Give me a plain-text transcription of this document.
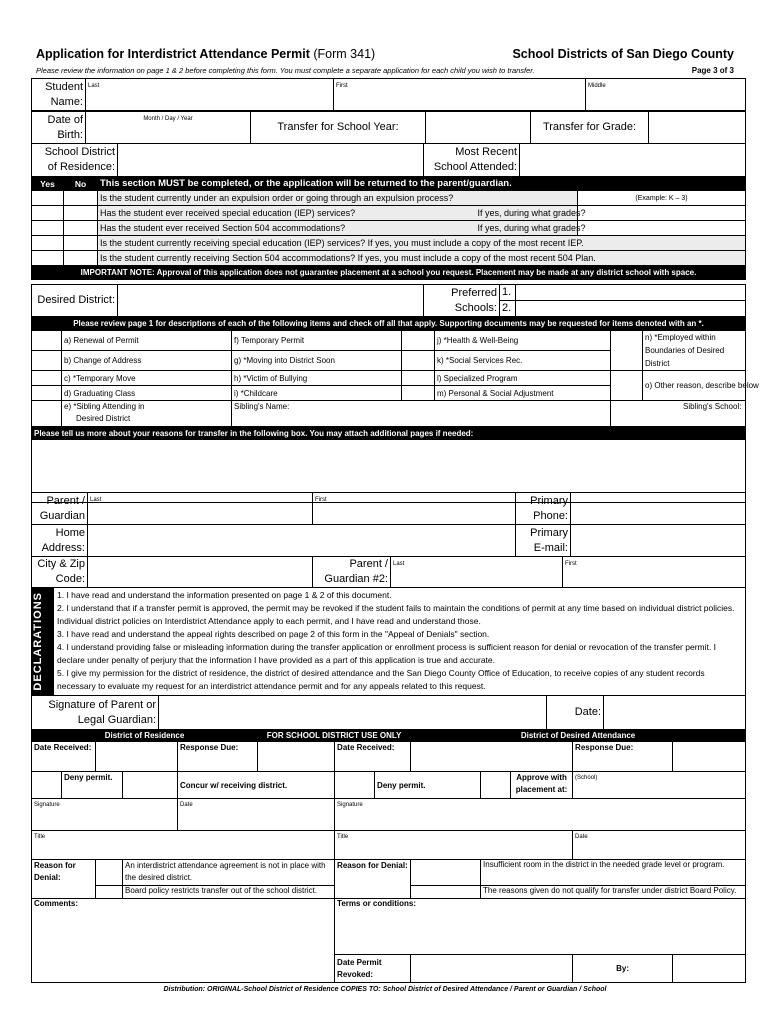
Application for Interdistrict Attendance Permit (Form 341)	School Districts of San Diego County
Please review the information on page 1 & 2 before completing this form. You must complete a separate application for each child you wish to transfer.	Page 3 of 3
Student Name:	Last	First	Middle
Date of Birth:	Month / Day / Year	Transfer for School Year:		Transfer for Grade:	
School District of Residence:		Most Recent School Attended:	
Yes	No	This section MUST be completed, or the application will be returned to the parent/guardian.	
		Is the student currently under an expulsion order or going through an expulsion process?	(Example: K – 3)
		Has the student ever received special education (IEP) services? If yes, during what grades?	

		Has the student ever received Section 504 accommodations? If yes, during what grades?	

		Is the student currently receiving special education (IEP) services? If yes, you must include a copy of the most recent IEP.	
		Is the student currently receiving Section 504 accommodations? If yes, you must include a copy of the most recent 504 Plan.	
IMPORTANT NOTE: Approval of this application does not guarantee placement at a school you request. Placement may be made at any district school with space.			
Desired District:		Preferred Schools:	1.	
			2.	
Please review page 1 for descriptions of each of the following items and check off all that apply. Supporting documents may be requested for items denoted with an *.						
	a) Renewal of Permit	f) Temporary Permit		j) *Health & Well-Being		n) *Employed within Boundaries of Desired District
	b) Change of Address	g) *Moving into District Soon		k) *Social Services Rec.		
	c) *Temporary Move	h) *Victim of Bullying		l) Specialized Program		o) Other reason, describe below
	d) Graduating Class	i) *Childcare		m) Personal & Social Adjustment		

	e) *Sibling Attending in
Desired District	Sibling's Name:			Sibling's School:	

Please tell us more about your reasons for transfer in the following box. You may attach additional pages if needed:						

Parent / Guardian	Last	First	Primary Phone:	
Home Address:			Primary E-mail:	
City & Zip Code:		Parent / Guardian #2:	Last	First
DECLARATIONS	1. I have read and understand the information presented on page 1 & 2 of this document.
2. I understand that if a transfer permit is approved, the permit may be revoked if the student fails to maintain the conditions of permit at any time based on individual district policies. Individual district policies on Interdistrict Attendance apply to each permit, and I have read and understand those.
3. I have read and understand the appeal rights described on page 2 of this form in the "Appeal of Denials" section.
4. I understand providing false or misleading information during the transfer application or enrollment process is sufficient reason for denial or revocation of the transfer permit. I declare under penalty of perjury that the information I have provided as a part of this application is true and accurate.
5. I give my permission for the district of residence, the district of desired attendance and the San Diego County Office of Education, to receive copies of any student records necessary to evaluate my request for an interdistrict attendance permit and for any appeals related to this request.
Signature of Parent or Legal Guardian:		Date:	
District of Residence					FOR SCHOOL DISTRICT USE ONLY			District of Desired Attendance				
Date Received:				Response Due:		Date Received:					Response Due:	
	Deny permit.			Concur w/ receiving district.			Deny permit.			Approve with placement at:	(School)	
Signature				Date		Signature						
Title						Title					Date	
Reason for Denial:			An interdistrict attendance agreement is not in place with the desired district.			Reason for Denial:			Insufficient room in the district in the needed grade level or program.			
			Board policy restricts transfer out of the school district.						The reasons given do not qualify for transfer under district Board Policy.			
Comments:						Terms or conditions:						
						Date Permit Revoked:					By:	
Distribution: ORIGINAL-School District of Residence COPIES TO: School District of Desired Attendance / Parent or Guardian / School
